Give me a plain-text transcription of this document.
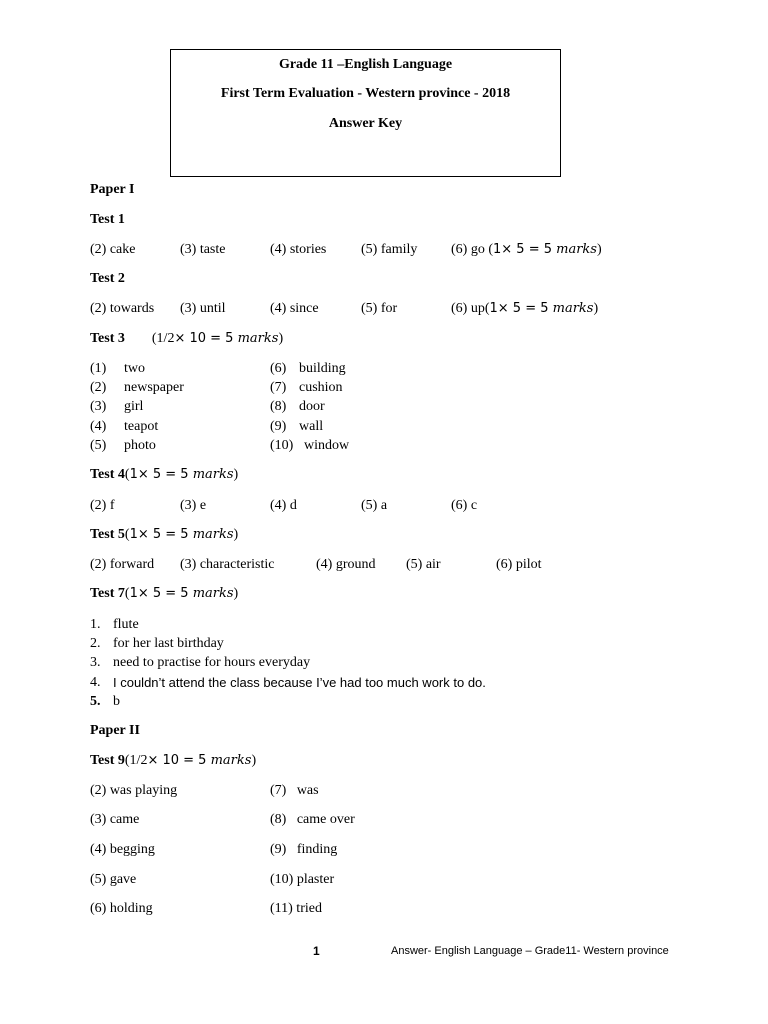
Grade 11 –English Language
First Term Evaluation - Western province - 2018
Answer Key
Paper I
Test 1
(2) cake	(3) taste	(4) stories (5) family (6) go (1× 5 = 5 marks)
Test 2
(2) towards (3) until	(4) since	(5) for	(6) up(1× 5 = 5 marks)
Test 3 (1/2× 10 = 5 marks)
(1) two
(2) newspaper
(3) girl
(4) teapot
(5) photo
(6) building
(7) cushion
(8) door
(9) wall
(10) window
Test 4(1× 5 = 5 marks)
(2) f	(3) e	(4) d	(5) a	(6) c
Test 5(1× 5 = 5 marks)
(2) forward (3) characteristic	(4) ground (5) air	(6) pilot
Test 7(1× 5 = 5 marks)
1. flute
2. for her last birthday
3. need to practise for hours everyday
4. I couldn’t attend the class because I’ve had too much work to do.
5. b
Paper II
Test 9(1/2× 10 = 5 marks)
(2) was playing
(3) came
(4) begging
(5) gave
(6) holding
(7)   was
(8)   came over
(9)   finding
(10) plaster
(11) tried
1	Answer- English Language – Grade11- Western province
